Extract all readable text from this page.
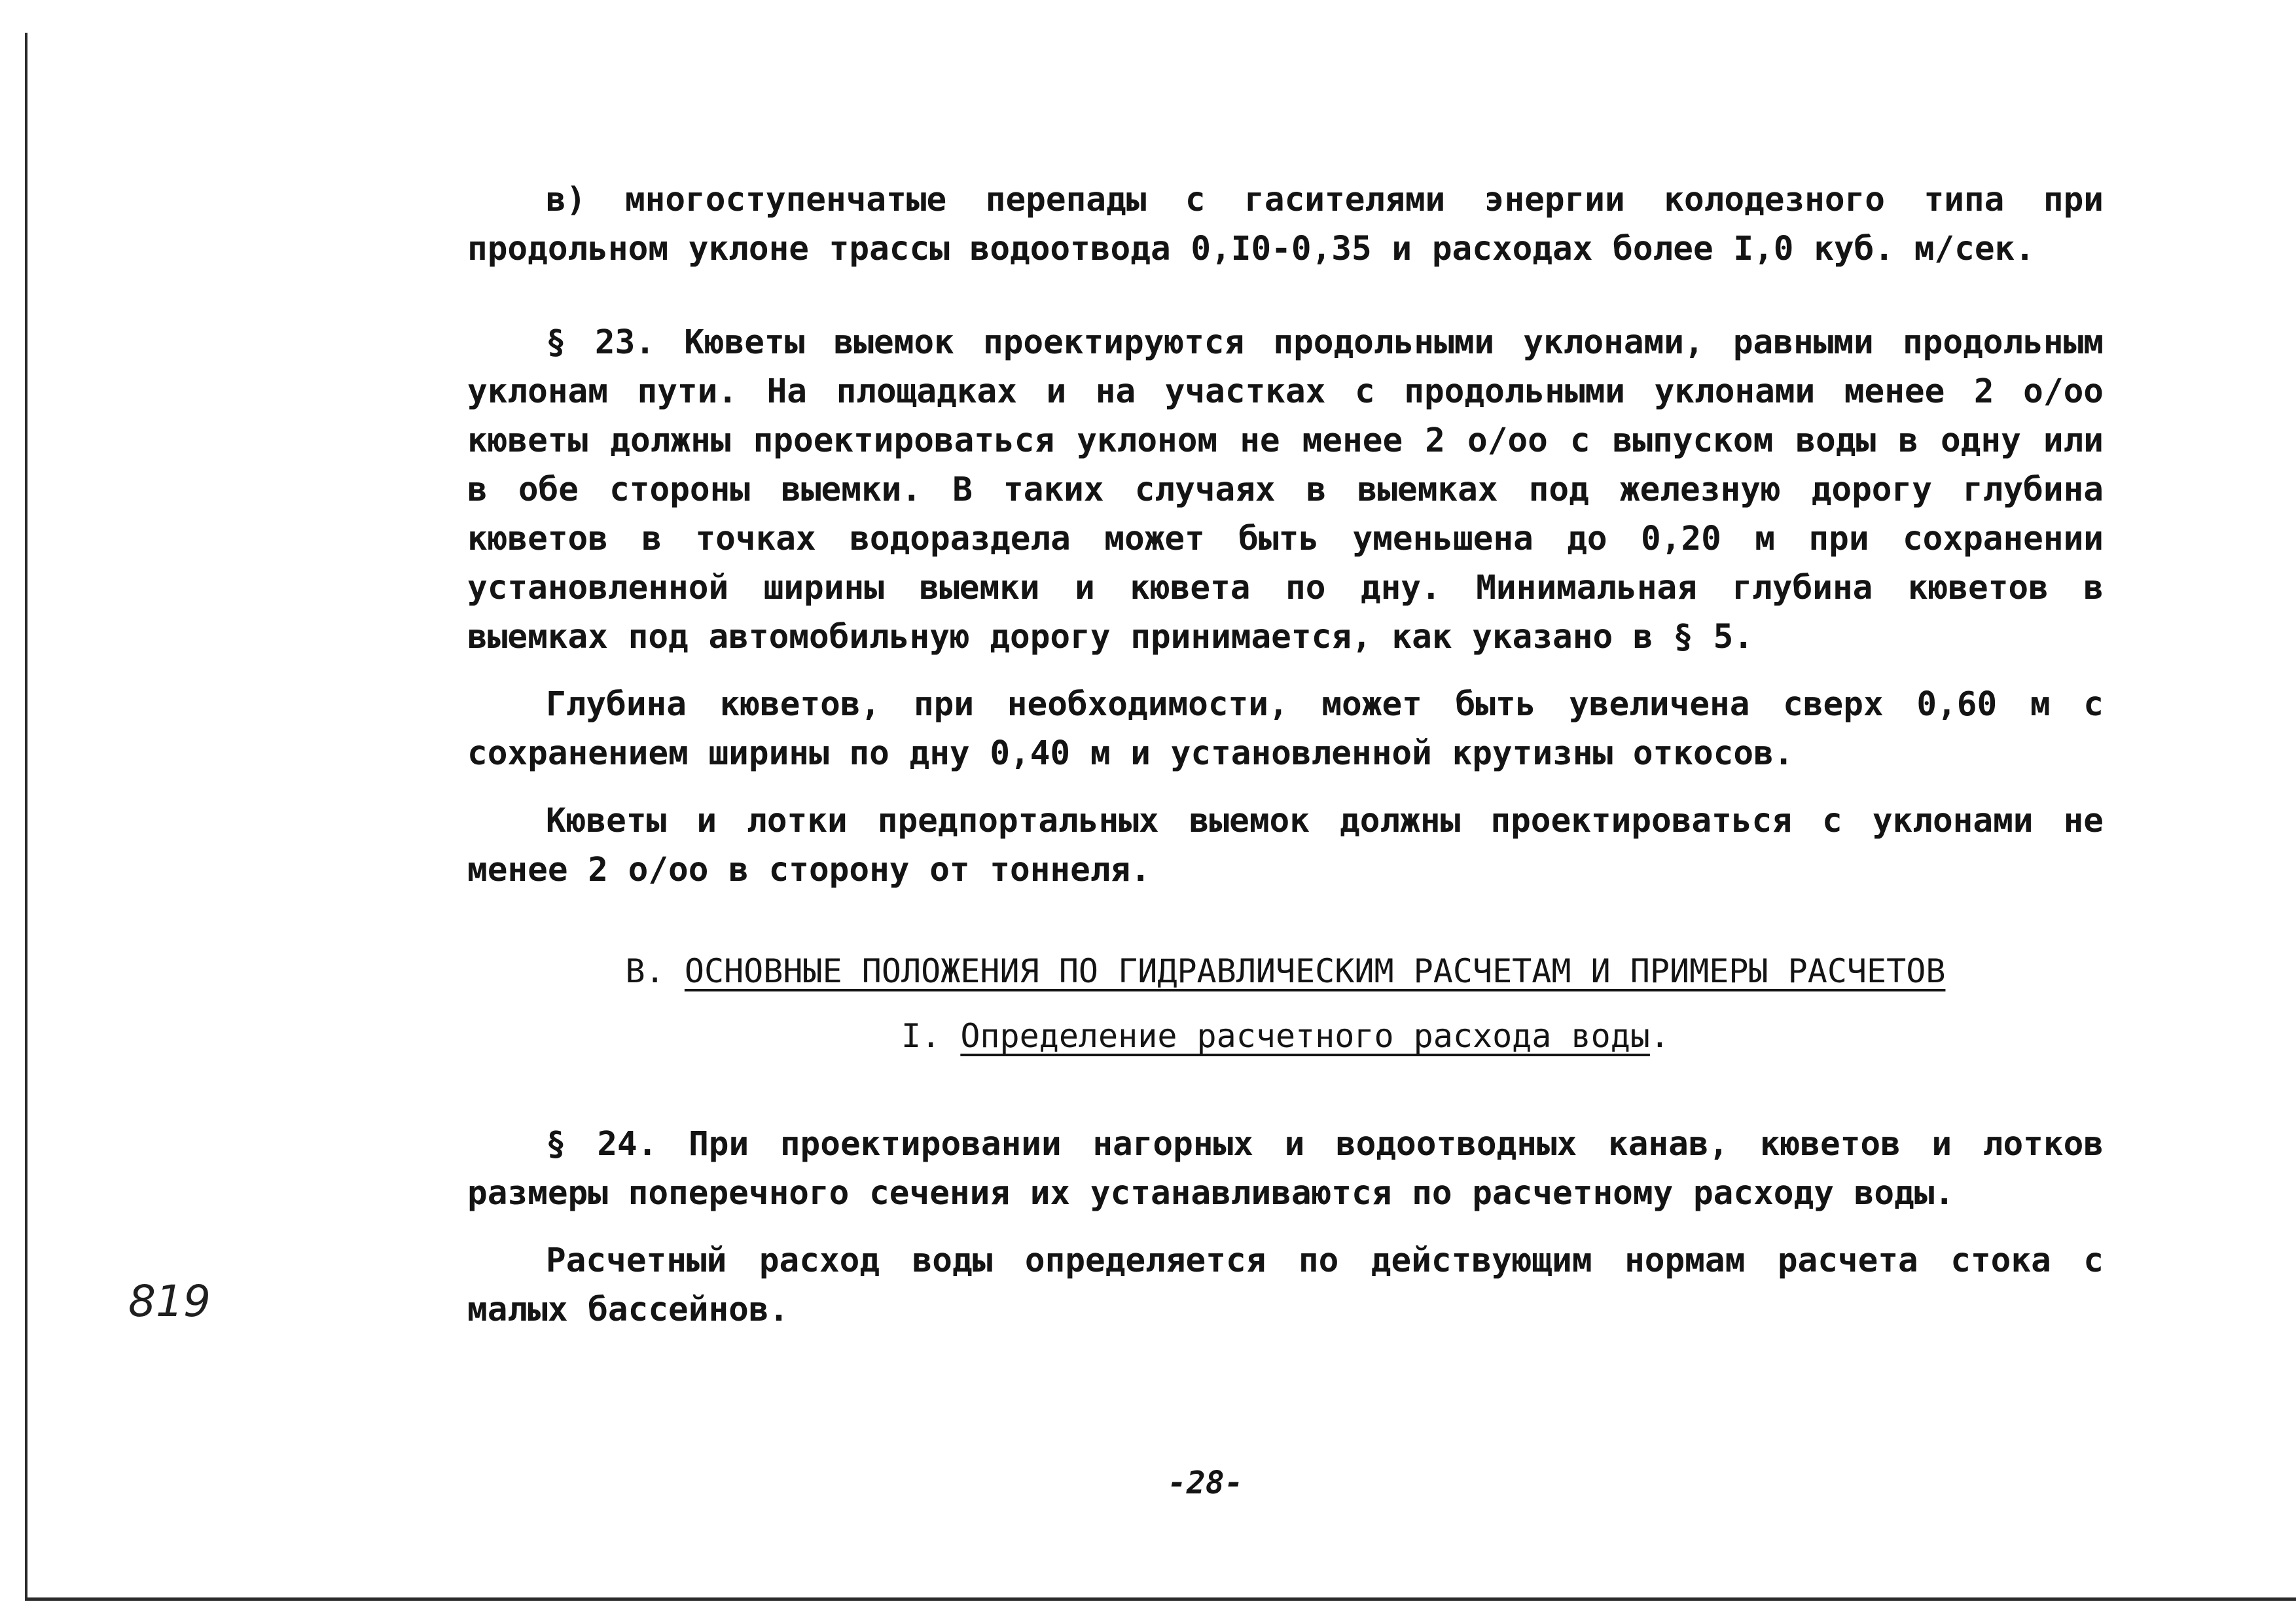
в) многоступенчатые перепады с гасителями энергии колодезного типа при продольном уклоне трассы водоотвода 0,I0-0,35 и расходах более I,0 куб. м/сек.

§ 23. Кюветы выемок проектируются продольными уклонами, равными продольным уклонам пути. На площадках и на участках с продольными уклонами менее 2 о/оо кюветы должны проектироваться уклоном не менее 2 о/оо с выпуском воды в одну или в обе стороны выемки. В таких случаях в выемках под железную дорогу глубина кюветов в точках водораздела может быть уменьшена до 0,20 м при сохранении установленной ширины выемки и кювета по дну. Минимальная глубина кюветов в выемках под автомобильную дорогу принимается, как указано в § 5.

Глубина кюветов, при необходимости, может быть увеличена сверх 0,60 м с сохранением ширины по дну 0,40 м и установленной крутизны откосов.

Кюветы и лотки предпортальных выемок должны проектироваться с уклонами не менее 2 о/оо в сторону от тоннеля.

В. ОСНОВНЫЕ ПОЛОЖЕНИЯ ПО ГИДРАВЛИЧЕСКИМ РАСЧЕТАМ И ПРИМЕРЫ РАСЧЕТОВ

I. Определение расчетного расхода воды.

§ 24. При проектировании нагорных и водоотводных канав, кюветов и лотков размеры поперечного сечения их устанавливаются по расчетному расходу воды.

Расчетный расход воды определяется по действующим нормам расчета стока с малых бассейнов.

819
-28-
